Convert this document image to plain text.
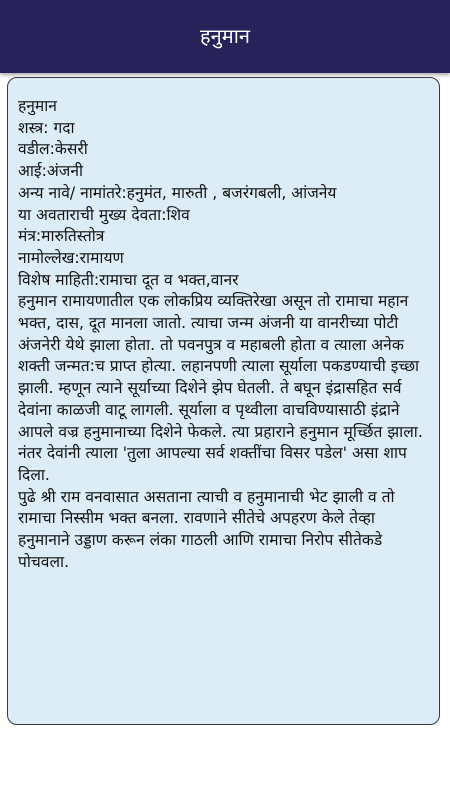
हनुमान
हनुमान
शस्त्र: गदा
वडील:केसरी
आई:अंजनी
अन्य नावे/ नामांतरे:हनुमंत, मारुती , बजरंगबली, आंजनेय
या अवताराची मुख्य देवता:शिव
मंत्र:मारुतिस्तोत्र
नामोल्लेख:रामायण
विशेष माहिती:रामाचा दूत व भक्त,वानर
हनुमान रामायणातील एक लोकप्रिय व्यक्तिरेखा असून तो रामाचा महान भक्त, दास, दूत मानला जातो. त्याचा जन्म अंजनी या वानरीच्या पोटी अंजनेरी येथे झाला होता. तो पवनपुत्र व महाबली होता व त्याला अनेक शक्ती जन्मत:च प्राप्त होत्या. लहानपणी त्याला सूर्याला पकडण्याची इच्छा झाली. म्हणून त्याने सूर्याच्या दिशेने झेप घेतली. ते बघून इंद्रासहित सर्व देवांना काळजी वाटू लागली. सूर्याला व पृथ्वीला वाचविण्यासाठी इंद्राने आपले वज्र हनुमानाच्या दिशेने फेकले. त्या प्रहाराने हनुमान मूर्च्छित झाला. नंतर देवांनी त्याला 'तुला आपल्या सर्व शक्तींचा विसर पडेल' असा शाप दिला.
पुढे श्री राम वनवासात असताना त्याची व हनुमानाची भेट झाली व तो रामाचा निस्सीम भक्त बनला. रावणाने सीतेचे अपहरण केले तेव्हा हनुमानाने उड्डाण करून लंका गाठली आणि रामाचा निरोप सीतेकडे पोचवला.
